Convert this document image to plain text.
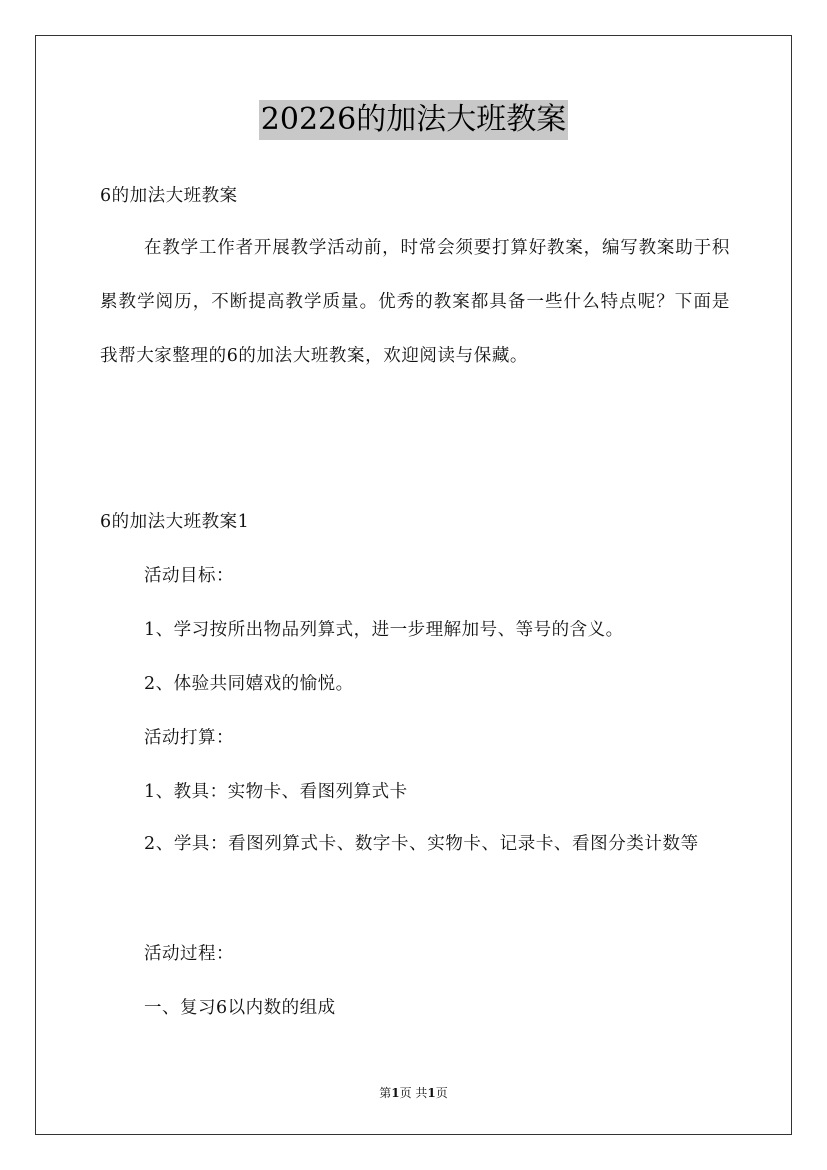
20226的加法大班教案
6的加法大班教案
在教学工作者开展教学活动前，时常会须要打算好教案，编写教案助于积累教学阅历，不断提高教学质量。优秀的教案都具备一些什么特点呢？下面是我帮大家整理的6的加法大班教案，欢迎阅读与保藏。
6的加法大班教案1
活动目标：
1、学习按所出物品列算式，进一步理解加号、等号的含义。
2、体验共同嬉戏的愉悦。
活动打算：
1、教具：实物卡、看图列算式卡
2、学具：看图列算式卡、数字卡、实物卡、记录卡、看图分类计数等
活动过程：
一、复习6以内数的组成
第1页 共1页
